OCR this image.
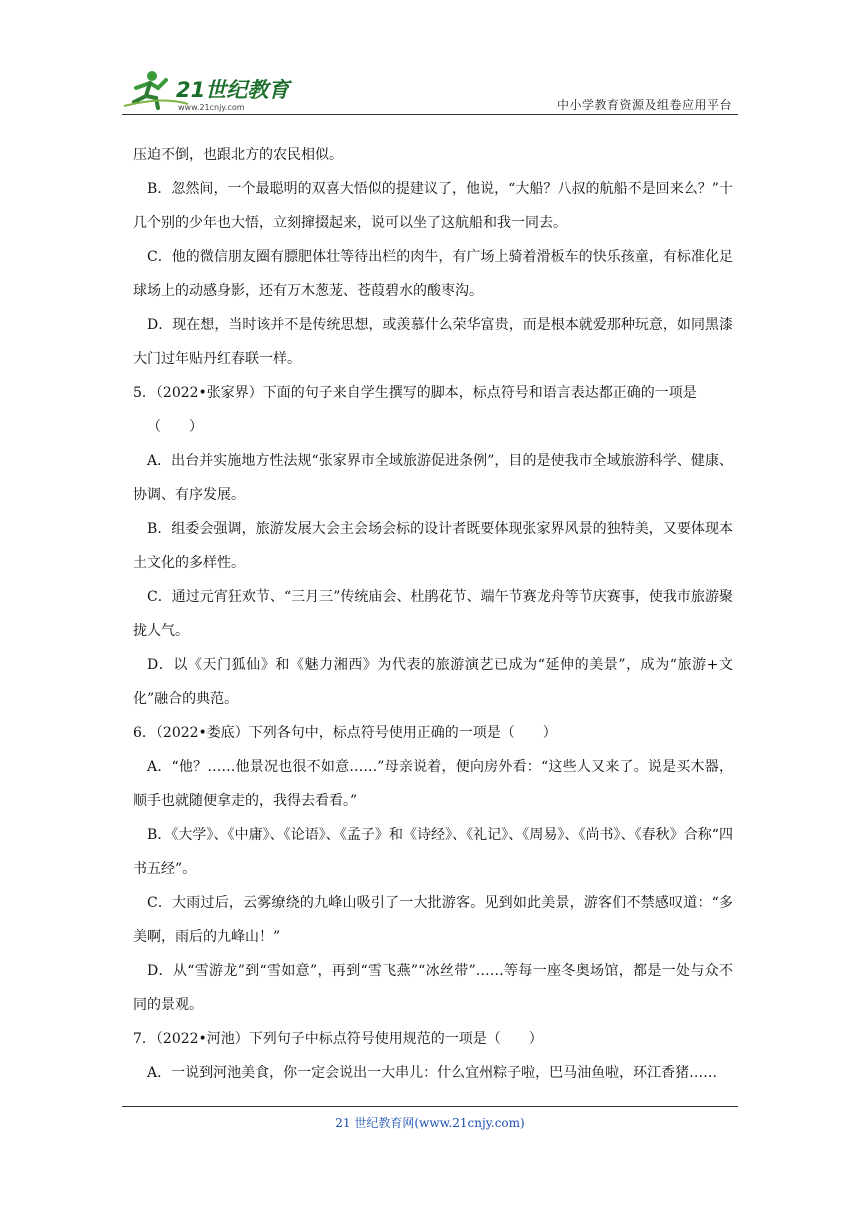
21世纪教育
www.21cnjy.com	中小学教育资源及组卷应用平台

压迫不倒，也跟北方的农民相似。

B．忽然间，一个最聪明的双喜大悟似的提建议了，他说，“大船？八叔的航船不是回来么？”十几个别的少年也大悟，立刻撺掇起来，说可以坐了这航船和我一同去。

C．他的微信朋友圈有膘肥体壮等待出栏的肉牛，有广场上骑着滑板车的快乐孩童，有标准化足球场上的动感身影，还有万木葱茏、苍葭碧水的酸枣沟。

D．现在想，当时该并不是传统思想，或羡慕什么荣华富贵，而是根本就爱那种玩意，如同黑漆大门过年贴丹红春联一样。

5．（2022•张家界）下面的句子来自学生撰写的脚本，标点符号和语言表达都正确的一项是

（　　）

A．出台并实施地方性法规“张家界市全域旅游促进条例”，目的是使我市全域旅游科学、健康、协调、有序发展。

B．组委会强调，旅游发展大会主会场会标的设计者既要体现张家界风景的独特美，又要体现本土文化的多样性。

C．通过元宵狂欢节、“三月三”传统庙会、杜鹃花节、端午节赛龙舟等节庆赛事，使我市旅游聚拢人气。

D．以《天门狐仙》和《魅力湘西》为代表的旅游演艺已成为“延伸的美景”，成为“旅游+文化”融合的典范。

6．（2022•娄底）下列各句中，标点符号使用正确的一项是（　　）

A．“他？……他景况也很不如意……”母亲说着，便向房外看：“这些人又来了。说是买木器，顺手也就随便拿走的，我得去看看。”

B．《大学》、《中庸》、《论语》、《孟子》和《诗经》、《礼记》、《周易》、《尚书》、《春秋》合称“四书五经”。

C．大雨过后，云雾缭绕的九峰山吸引了一大批游客。见到如此美景，游客们不禁感叹道：“多美啊，雨后的九峰山！”

D．从“雪游龙”到“雪如意”，再到“雪飞燕”“冰丝带”……等每一座冬奥场馆，都是一处与众不同的景观。

7．（2022•河池）下列句子中标点符号使用规范的一项是（　　）

A．一说到河池美食，你一定会说出一大串儿：什么宜州粽子啦，巴马油鱼啦，环江香猪……

21 世纪教育网(www.21cnjy.com)
